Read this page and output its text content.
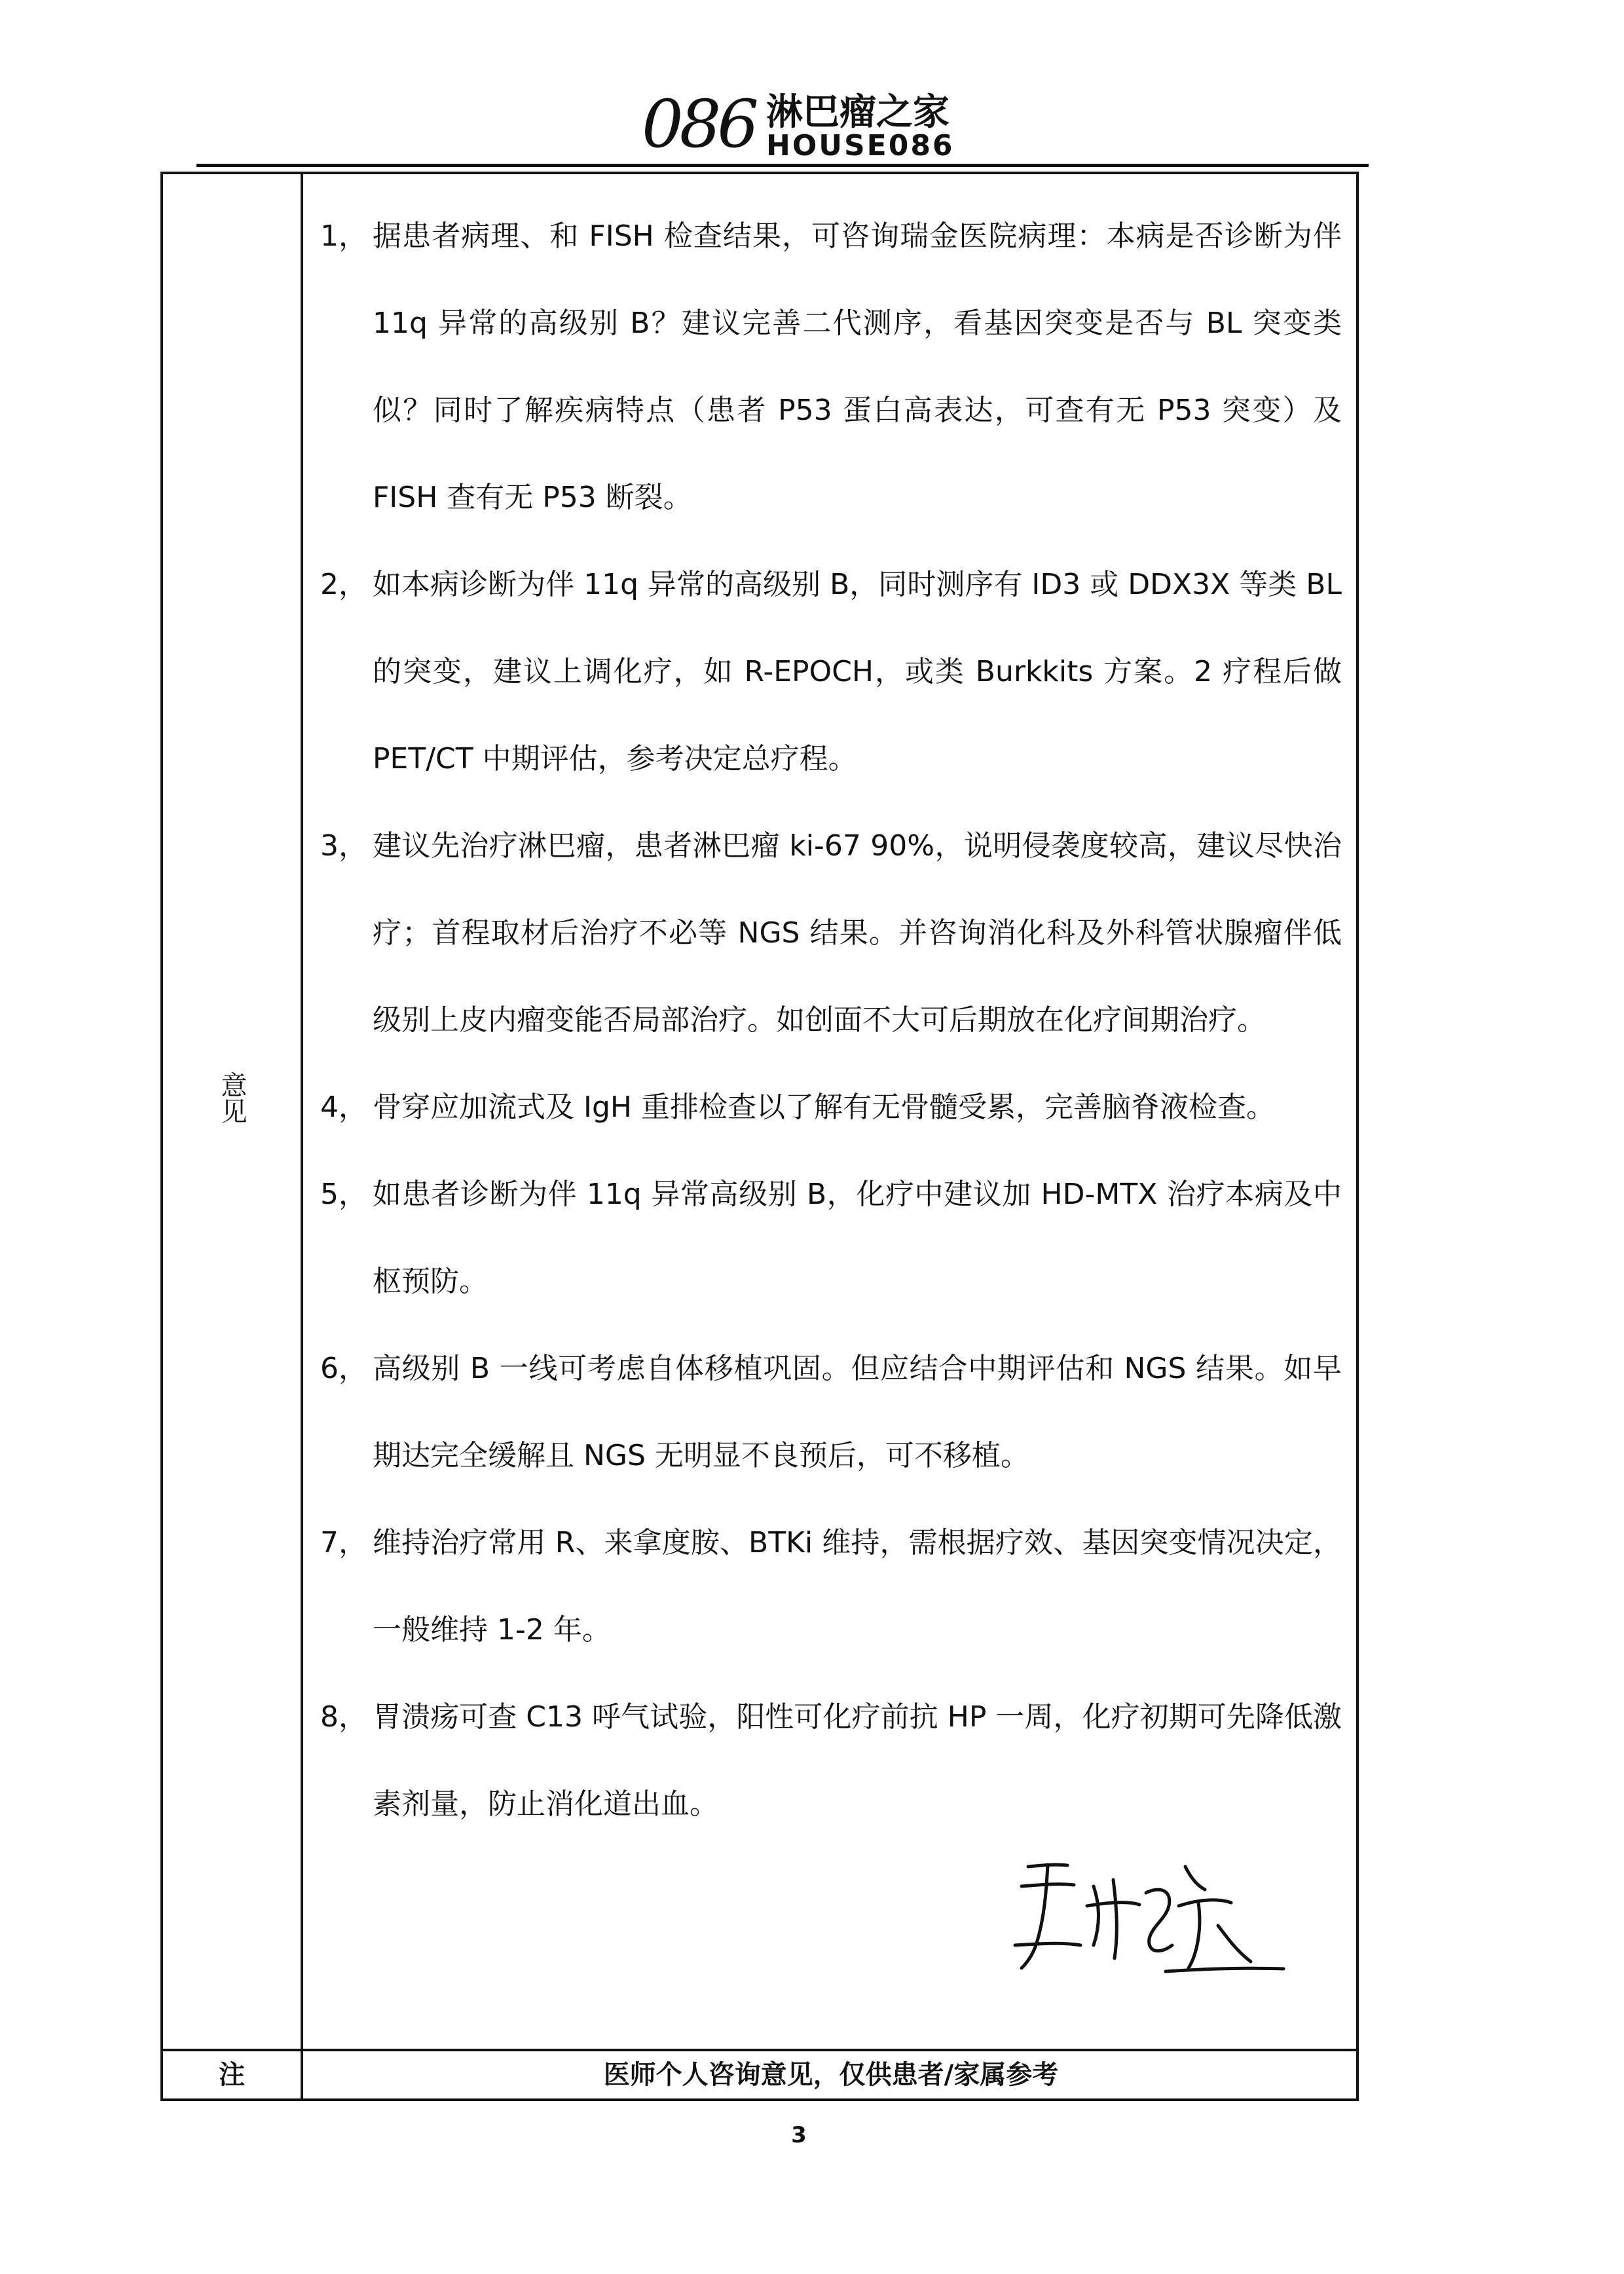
086 淋巴瘤之家
HOUSE086
意见
1， 据患者病理、和 FISH 检查结果，可咨询瑞金医院病理：本病是否诊断为伴 11q 异常的高级别 B？建议完善二代测序，看基因突变是否与 BL 突变类似？同时了解疾病特点（患者 P53 蛋白高表达，可查有无 P53 突变）及 FISH 查有无 P53 断裂。
2， 如本病诊断为伴 11q 异常的高级别 B，同时测序有 ID3 或 DDX3X 等类 BL 的突变，建议上调化疗，如 R-EPOCH，或类 Burkkits 方案。2 疗程后做 PET/CT 中期评估，参考决定总疗程。
3， 建议先治疗淋巴瘤，患者淋巴瘤 ki-67 90%，说明侵袭度较高，建议尽快治疗；首程取材后治疗不必等 NGS 结果。并咨询消化科及外科管状腺瘤伴低级别上皮内瘤变能否局部治疗。如创面不大可后期放在化疗间期治疗。
4， 骨穿应加流式及 IgH 重排检查以了解有无骨髓受累，完善脑脊液检查。
5， 如患者诊断为伴 11q 异常高级别 B，化疗中建议加 HD-MTX 治疗本病及中枢预防。
6， 高级别 B 一线可考虑自体移植巩固。但应结合中期评估和 NGS 结果。如早期达完全缓解且 NGS 无明显不良预后，可不移植。
7， 维持治疗常用 R、来拿度胺、BTKi 维持，需根据疗效、基因突变情况决定，一般维持 1-2 年。
8， 胃溃疡可查 C13 呼气试验，阳性可化疗前抗 HP 一周，化疗初期可先降低激素剂量，防止消化道出血。
注	医师个人咨询意见，仅供患者/家属参考
3
